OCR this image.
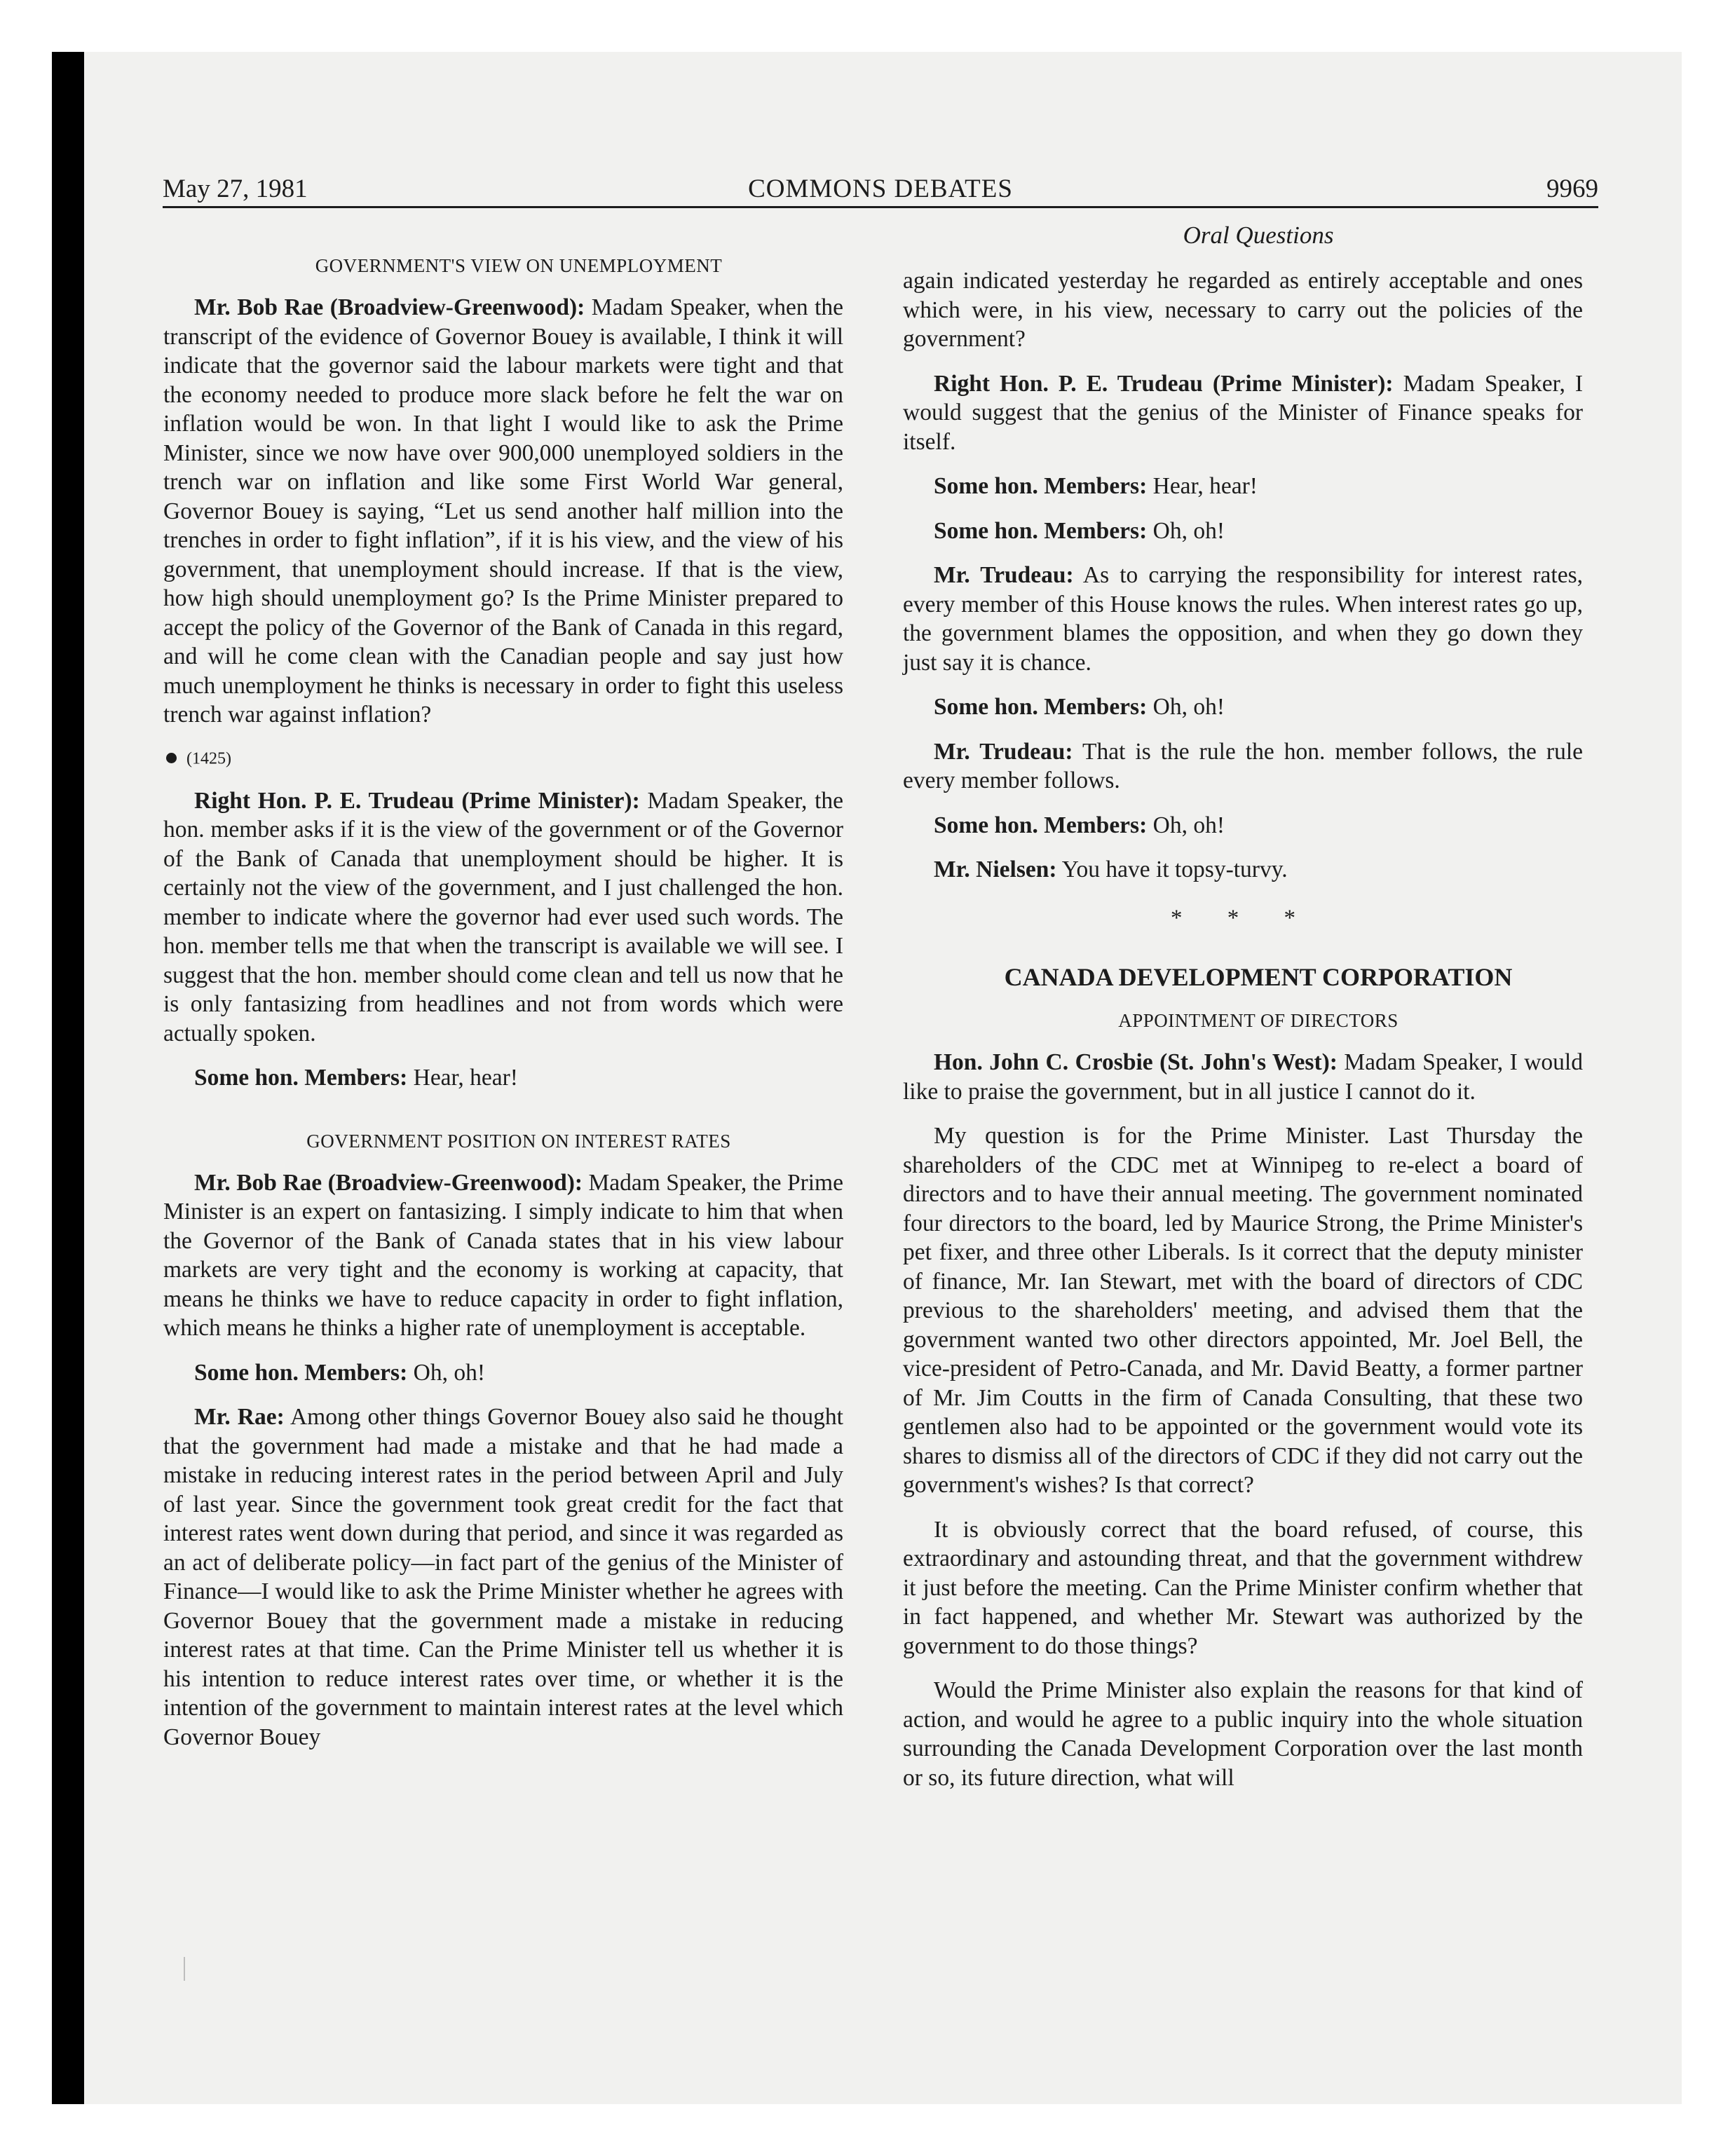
May 27, 1981	COMMONS DEBATES	9969

GOVERNMENT'S VIEW ON UNEMPLOYMENT

Mr. Bob Rae (Broadview-Greenwood): Madam Speaker, when the transcript of the evidence of Governor Bouey is available, I think it will indicate that the governor said the labour markets were tight and that the economy needed to produce more slack before he felt the war on inflation would be won. In that light I would like to ask the Prime Minister, since we now have over 900,000 unemployed soldiers in the trench war on inflation and like some First World War general, Governor Bouey is saying, “Let us send another half million into the trenches in order to fight inflation”, if it is his view, and the view of his government, that unemployment should increase. If that is the view, how high should unemployment go? Is the Prime Minister prepared to accept the policy of the Governor of the Bank of Canada in this regard, and will he come clean with the Canadian people and say just how much unemployment he thinks is necessary in order to fight this useless trench war against inflation?

(1425)

Right Hon. P. E. Trudeau (Prime Minister): Madam Speaker, the hon. member asks if it is the view of the government or of the Governor of the Bank of Canada that unemployment should be higher. It is certainly not the view of the government, and I just challenged the hon. member to indicate where the governor had ever used such words. The hon. member tells me that when the transcript is available we will see. I suggest that the hon. member should come clean and tell us now that he is only fantasizing from headlines and not from words which were actually spoken.

Some hon. Members: Hear, hear!

GOVERNMENT POSITION ON INTEREST RATES

Mr. Bob Rae (Broadview-Greenwood): Madam Speaker, the Prime Minister is an expert on fantasizing. I simply indicate to him that when the Governor of the Bank of Canada states that in his view labour markets are very tight and the economy is working at capacity, that means he thinks we have to reduce capacity in order to fight inflation, which means he thinks a higher rate of unemployment is acceptable.

Some hon. Members: Oh, oh!

Mr. Rae: Among other things Governor Bouey also said he thought that the government had made a mistake and that he had made a mistake in reducing interest rates in the period between April and July of last year. Since the government took great credit for the fact that interest rates went down during that period, and since it was regarded as an act of deliberate policy—in fact part of the genius of the Minister of Finance—I would like to ask the Prime Minister whether he agrees with Governor Bouey that the government made a mistake in reducing interest rates at that time. Can the Prime Minister tell us whether it is his intention to reduce interest rates over time, or whether it is the intention of the government to maintain interest rates at the level which Governor Bouey

Oral Questions

again indicated yesterday he regarded as entirely acceptable and ones which were, in his view, necessary to carry out the policies of the government?

Right Hon. P. E. Trudeau (Prime Minister): Madam Speaker, I would suggest that the genius of the Minister of Finance speaks for itself.

Some hon. Members: Hear, hear!

Some hon. Members: Oh, oh!

Mr. Trudeau: As to carrying the responsibility for interest rates, every member of this House knows the rules. When interest rates go up, the government blames the opposition, and when they go down they just say it is chance.

Some hon. Members: Oh, oh!

Mr. Trudeau: That is the rule the hon. member follows, the rule every member follows.

Some hon. Members: Oh, oh!

Mr. Nielsen: You have it topsy-turvy.

* * *

CANADA DEVELOPMENT CORPORATION

APPOINTMENT OF DIRECTORS

Hon. John C. Crosbie (St. John's West): Madam Speaker, I would like to praise the government, but in all justice I cannot do it.

My question is for the Prime Minister. Last Thursday the shareholders of the CDC met at Winnipeg to re-elect a board of directors and to have their annual meeting. The government nominated four directors to the board, led by Maurice Strong, the Prime Minister's pet fixer, and three other Liberals. Is it correct that the deputy minister of finance, Mr. Ian Stewart, met with the board of directors of CDC previous to the shareholders' meeting, and advised them that the government wanted two other directors appointed, Mr. Joel Bell, the vice-president of Petro-Canada, and Mr. David Beatty, a former partner of Mr. Jim Coutts in the firm of Canada Consulting, that these two gentlemen also had to be appointed or the government would vote its shares to dismiss all of the directors of CDC if they did not carry out the government's wishes? Is that correct?

It is obviously correct that the board refused, of course, this extraordinary and astounding threat, and that the government withdrew it just before the meeting. Can the Prime Minister confirm whether that in fact happened, and whether Mr. Stewart was authorized by the government to do those things?

Would the Prime Minister also explain the reasons for that kind of action, and would he agree to a public inquiry into the whole situation surrounding the Canada Development Corporation over the last month or so, its future direction, what will
